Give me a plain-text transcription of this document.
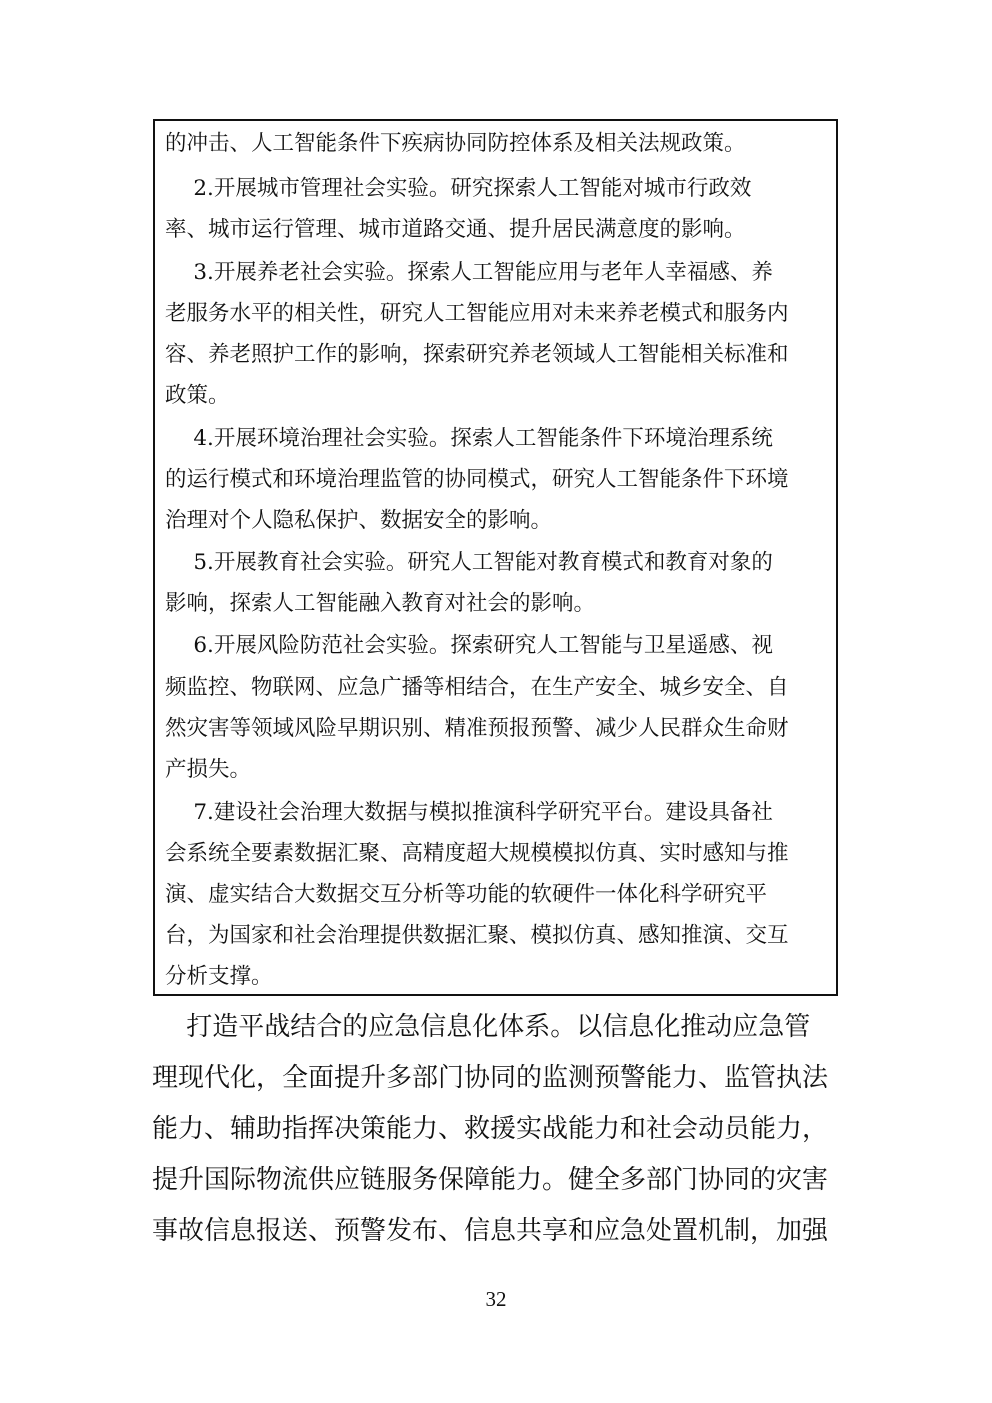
的冲击、人工智能条件下疾病协同防控体系及相关法规政策。
　 2.开展城市管理社会实验。研究探索人工智能对城市行政效
率、城市运行管理、城市道路交通、提升居民满意度的影响。
　 3.开展养老社会实验。探索人工智能应用与老年人幸福感、养
老服务水平的相关性，研究人工智能应用对未来养老模式和服务内
容、养老照护工作的影响，探索研究养老领域人工智能相关标准和
政策。
　 4.开展环境治理社会实验。探索人工智能条件下环境治理系统
的运行模式和环境治理监管的协同模式，研究人工智能条件下环境
治理对个人隐私保护、数据安全的影响。
　 5.开展教育社会实验。研究人工智能对教育模式和教育对象的
影响，探索人工智能融入教育对社会的影响。
　 6.开展风险防范社会实验。探索研究人工智能与卫星遥感、视
频监控、物联网、应急广播等相结合，在生产安全、城乡安全、自
然灾害等领域风险早期识别、精准预报预警、减少人民群众生命财
产损失。
　 7.建设社会治理大数据与模拟推演科学研究平台。建设具备社
会系统全要素数据汇聚、高精度超大规模模拟仿真、实时感知与推
演、虚实结合大数据交互分析等功能的软硬件一体化科学研究平
台，为国家和社会治理提供数据汇聚、模拟仿真、感知推演、交互
分析支撑。
　 打造平战结合的应急信息化体系。以信息化推动应急管
理现代化，全面提升多部门协同的监测预警能力、监管执法
能力、辅助指挥决策能力、救援实战能力和社会动员能力，
提升国际物流供应链服务保障能力。健全多部门协同的灾害
事故信息报送、预警发布、信息共享和应急处置机制，加强
32
